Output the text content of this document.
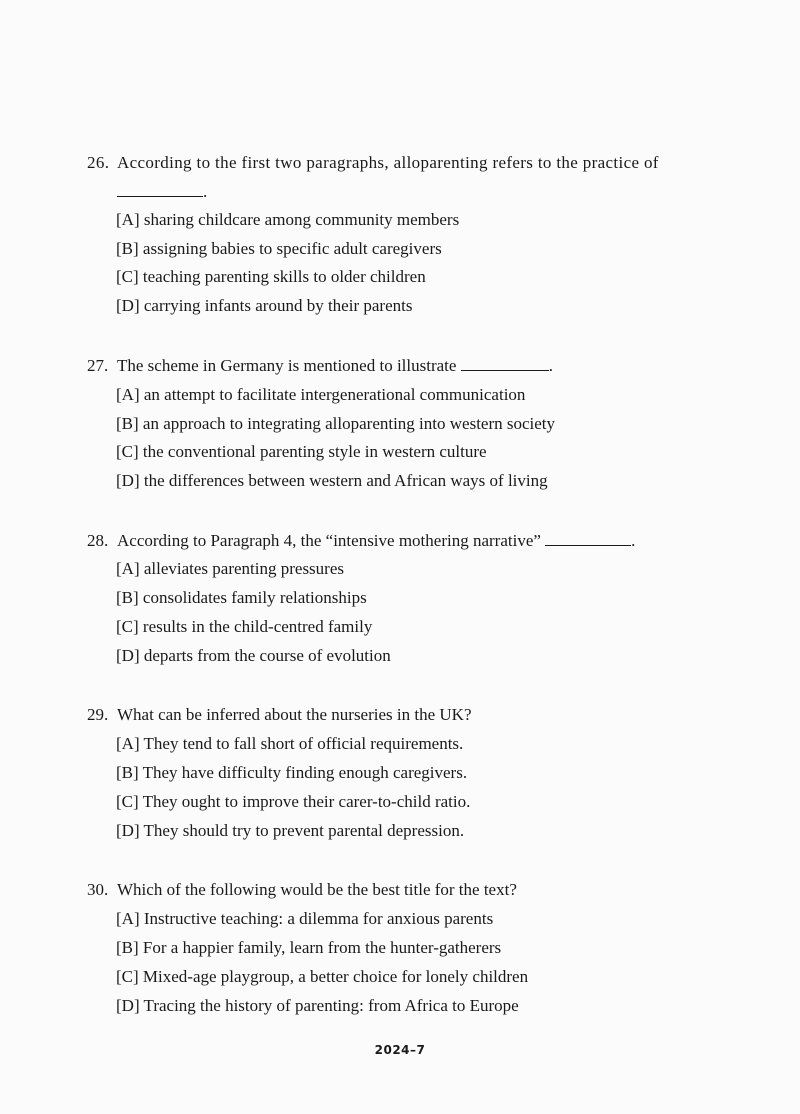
26. According to the first two paragraphs, alloparenting refers to the practice of
.
[A] sharing childcare among community members
[B] assigning babies to specific adult caregivers
[C] teaching parenting skills to older children
[D] carrying infants around by their parents
27. The scheme in Germany is mentioned to illustrate	.
[A] an attempt to facilitate intergenerational communication
[B] an approach to integrating alloparenting into western society
[C] the conventional parenting style in western culture
[D] the differences between western and African ways of living
28. According to Paragraph 4, the “intensive mothering narrative”	.
[A] alleviates parenting pressures
[B] consolidates family relationships
[C] results in the child-centred family
[D] departs from the course of evolution
29. What can be inferred about the nurseries in the UK?
[A] They tend to fall short of official requirements.
[B] They have difficulty finding enough caregivers.
[C] They ought to improve their carer-to-child ratio.
[D] They should try to prevent parental depression.
30. Which of the following would be the best title for the text?
[A] Instructive teaching: a dilemma for anxious parents
[B] For a happier family, learn from the hunter-gatherers
[C] Mixed-age playgroup, a better choice for lonely children
[D] Tracing the history of parenting: from Africa to Europe
2024–7
